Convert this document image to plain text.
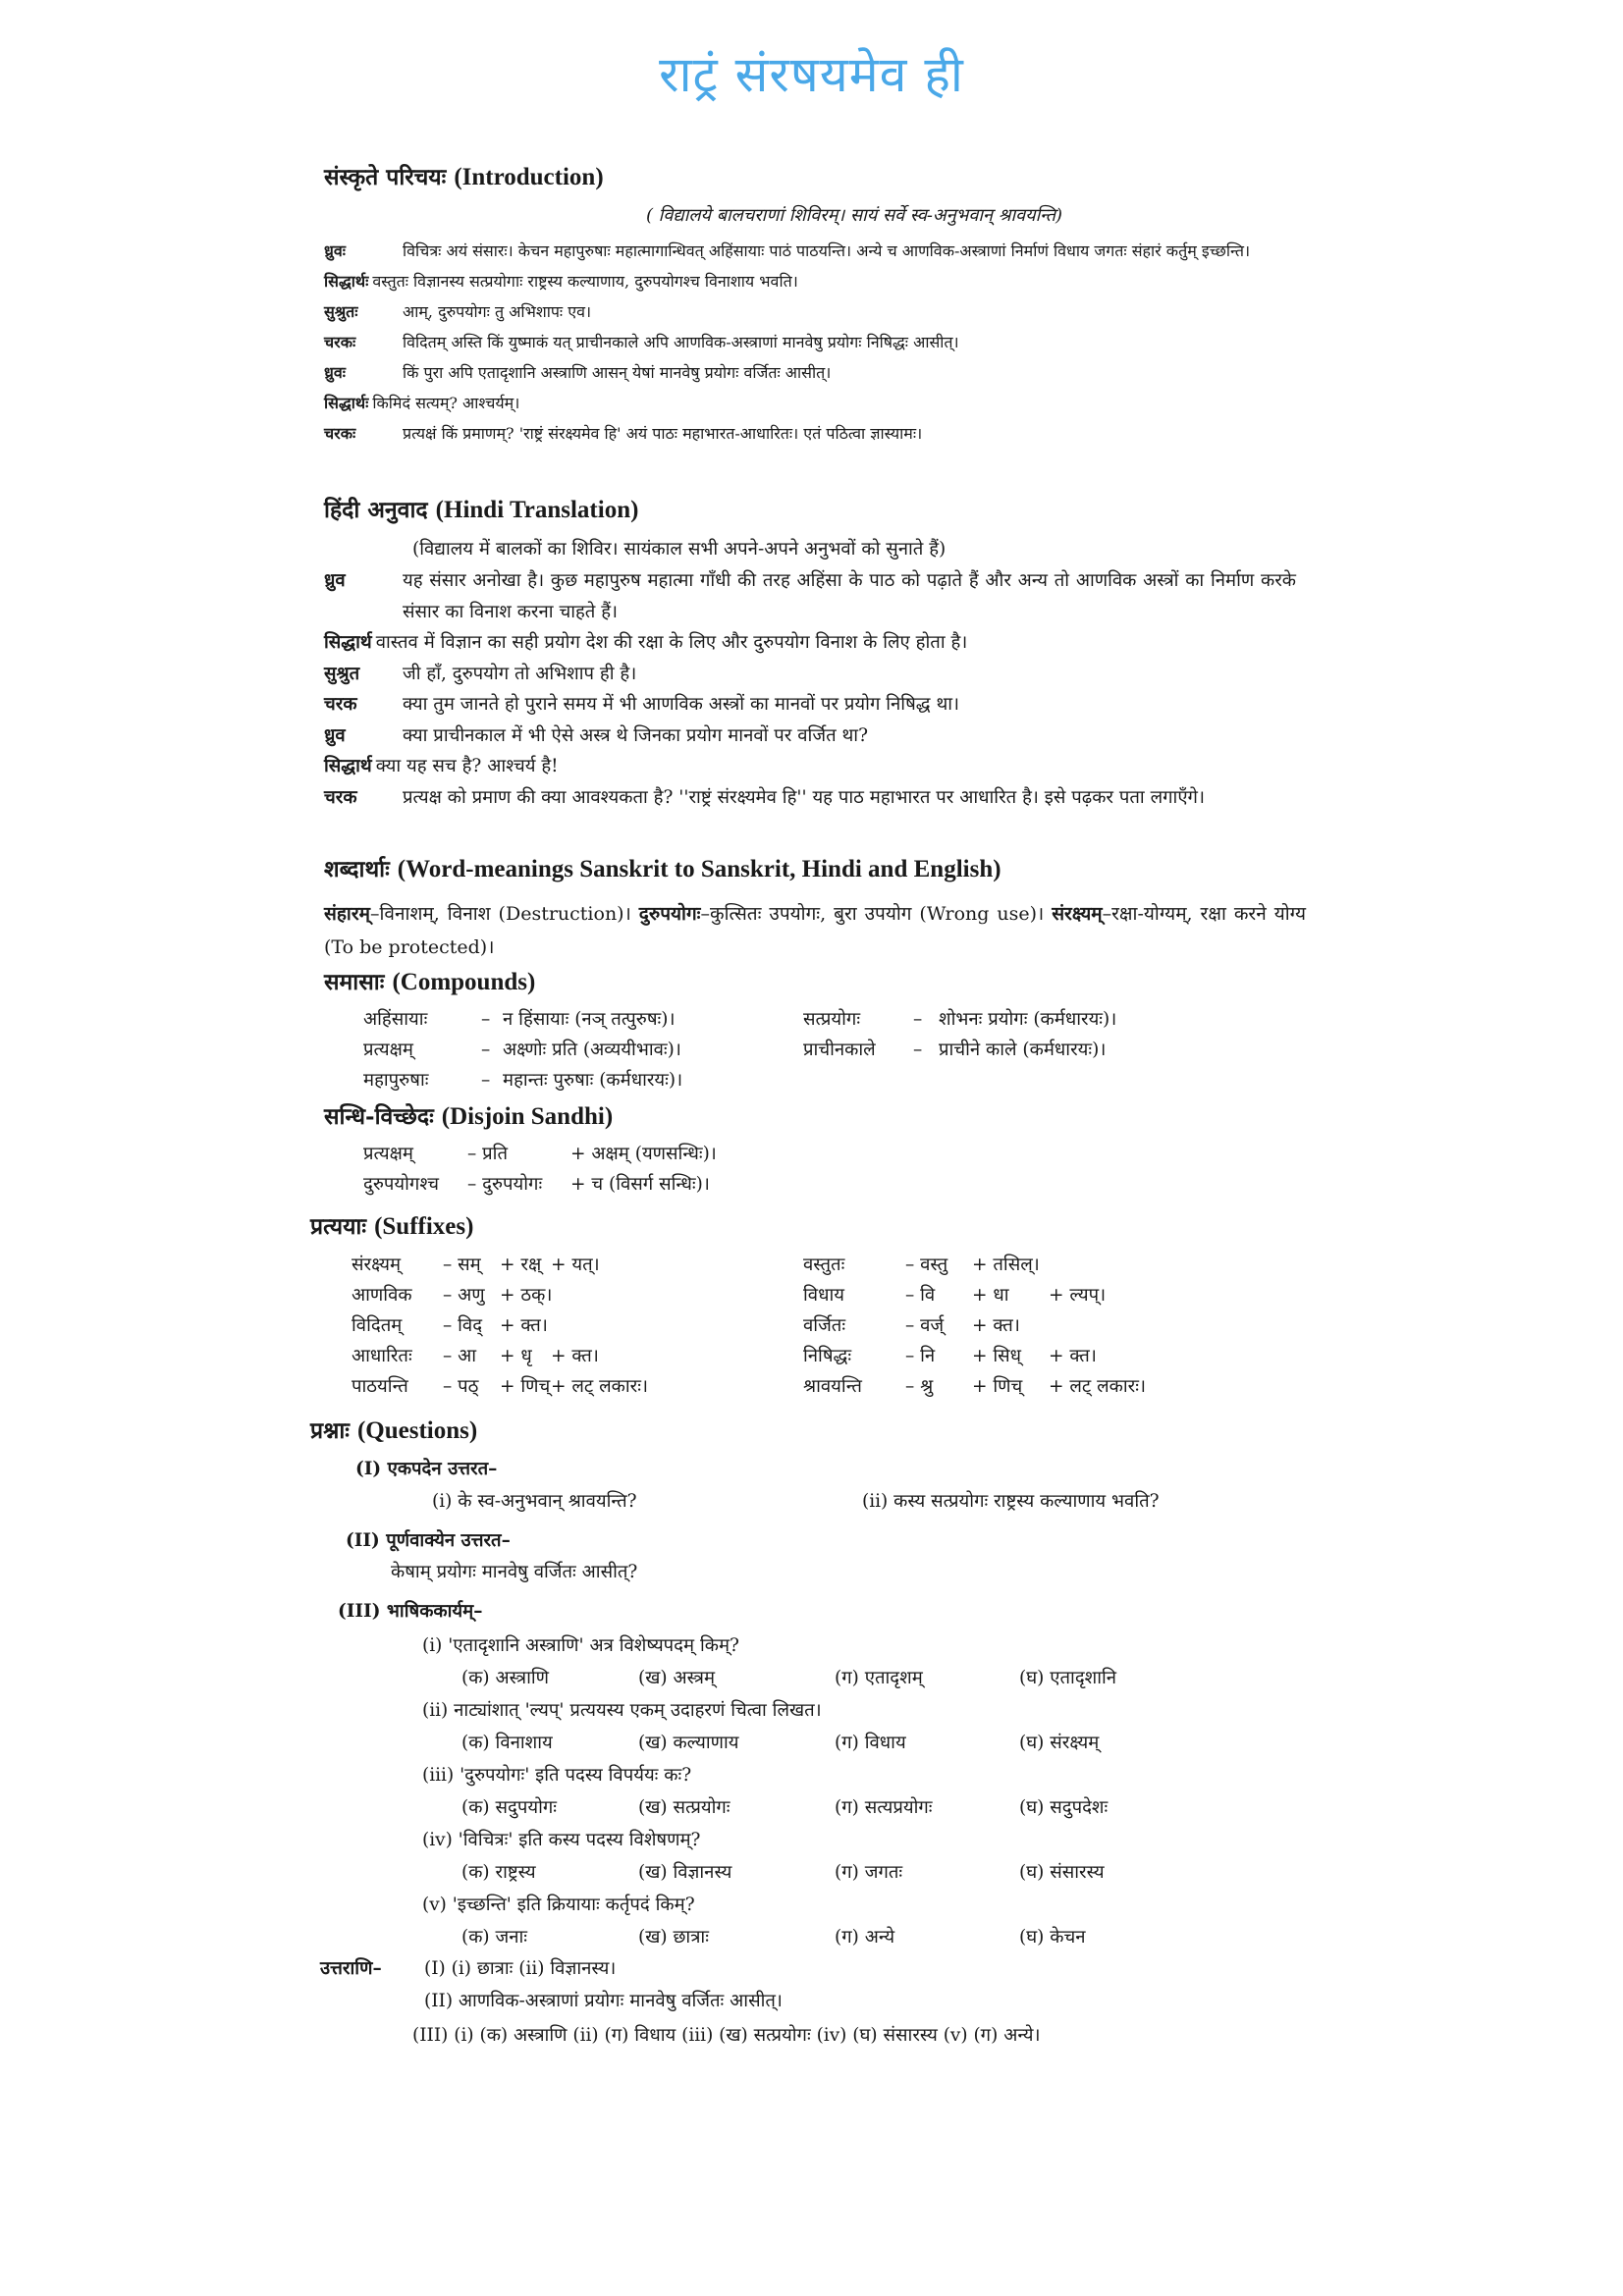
राट्रं संरषयमेव ही
संस्कृते परिचयः (Introduction)
( विद्यालये बालचराणां शिविरम्। सायं सर्वे स्व-अनुभवान् श्रावयन्ति)
ध्रुवः	विचित्रः अयं संसारः। केचन महापुरुषाः महात्मागान्धिवत् अहिंसायाः पाठं पाठयन्ति। अन्ये च आणविक-अस्त्राणां निर्माणं विधाय जगतः संहारं कर्तुम् इच्छन्ति।
सिद्धार्थः वस्तुतः विज्ञानस्य सत्प्रयोगाः राष्ट्रस्य कल्याणाय, दुरुपयोगश्च विनाशाय भवति।
सुश्रुतः	आम्, दुरुपयोगः तु अभिशापः एव।
चरकः	विदितम् अस्ति किं युष्माकं यत् प्राचीनकाले अपि आणविक-अस्त्राणां मानवेषु प्रयोगः निषिद्धः आसीत्।
ध्रुवः	किं पुरा अपि एतादृशानि अस्त्राणि आसन् येषां मानवेषु प्रयोगः वर्जितः आसीत्।
सिद्धार्थः किमिदं सत्यम्? आश्चर्यम्।
चरकः	प्रत्यक्षं किं प्रमाणम्? 'राष्ट्रं संरक्ष्यमेव हि' अयं पाठः महाभारत-आधारितः। एतं पठित्वा ज्ञास्यामः।
हिंदी अनुवाद (Hindi Translation)
(विद्यालय में बालकों का शिविर। सायंकाल सभी अपने-अपने अनुभवों को सुनाते हैं)
ध्रुव	यह संसार अनोखा है। कुछ महापुरुष महात्मा गाँधी की तरह अहिंसा के पाठ को पढ़ाते हैं और अन्य तो आणविक अस्त्रों का निर्माण करके संसार का विनाश करना चाहते हैं।
सिद्धार्थ वास्तव में विज्ञान का सही प्रयोग देश की रक्षा के लिए और दुरुपयोग विनाश के लिए होता है।
सुश्रुत	जी हाँ, दुरुपयोग तो अभिशाप ही है।
चरक	क्या तुम जानते हो पुराने समय में भी आणविक अस्त्रों का मानवों पर प्रयोग निषिद्ध था।
ध्रुव	क्या प्राचीनकाल में भी ऐसे अस्त्र थे जिनका प्रयोग मानवों पर वर्जित था?
सिद्धार्थ क्या यह सच है? आश्चर्य है!
चरक	प्रत्यक्ष को प्रमाण की क्या आवश्यकता है? ''राष्ट्रं संरक्ष्यमेव हि'' यह पाठ महाभारत पर आधारित है। इसे पढ़कर पता लगाएँगे।
शब्दार्थाः (Word-meanings Sanskrit to Sanskrit, Hindi and English)
संहारम्–विनाशम्, विनाश (Destruction)। दुरुपयोगः–कुत्सितः उपयोगः, बुरा उपयोग (Wrong use)। संरक्ष्यम्–रक्षा-योग्यम्, रक्षा करने योग्य (To be protected)।
समासाः (Compounds)
अहिंसायाः	– न हिंसायाः (नञ् तत्पुरुषः)।
प्रत्यक्षम्	– अक्ष्णोः प्रति (अव्ययीभावः)।
महापुरुषाः	– महान्तः पुरुषाः (कर्मधारयः)।
सत्प्रयोगः	– शोभनः प्रयोगः (कर्मधारयः)।
प्राचीनकाले	– प्राचीने काले (कर्मधारयः)।
सन्धि-विच्छेदः (Disjoin Sandhi)
प्रत्यक्षम्	– प्रति	+ अक्षम् (यणसन्धिः)।
दुरुपयोगश्च	– दुरुपयोगः	+ च (विसर्ग सन्धिः)।
प्रत्ययाः (Suffixes)
संरक्ष्यम्	– सम्	+ रक्ष् + यत्।
आणविक	– अणु + ठक्।
विदितम्	– विद् + क्त।
आधारितः	– आ	+ धृ	+ क्त।
पाठयन्ति	– पठ्	+ णिच् + लट् लकारः।
वस्तुतः	– वस्तु	+ तसिल्।
विधाय	– वि	+ धा	+ ल्यप्।
वर्जितः	– वर्ज्	+ क्त।
निषिद्धः	– नि	+ सिध्	+ क्त।
श्रावयन्ति	– श्रु	+ णिच्	+ लट् लकारः।
प्रश्नाः (Questions)
(I) एकपदेन उत्तरत–
(i) के स्व-अनुभवान् श्रावयन्ति?	(ii) कस्य सत्प्रयोगः राष्ट्रस्य कल्याणाय भवति?
(II) पूर्णवाक्येन उत्तरत–
केषाम् प्रयोगः मानवेषु वर्जितः आसीत्?
(III) भाषिककार्यम्–
(i) 'एतादृशानि अस्त्राणि' अत्र विशेष्यपदम् किम्?
(क) अस्त्राणि	(ख) अस्त्रम्	(ग) एतादृशम्	(घ) एतादृशानि
(ii) नाट्यांशात् 'ल्यप्' प्रत्ययस्य एकम् उदाहरणं चित्वा लिखत।
(क) विनाशाय	(ख) कल्याणाय	(ग) विधाय	(घ) संरक्ष्यम्
(iii) 'दुरुपयोगः' इति पदस्य विपर्ययः कः?
(क) सदुपयोगः	(ख) सत्प्रयोगः	(ग) सत्यप्रयोगः	(घ) सदुपदेशः
(iv) 'विचित्रः' इति कस्य पदस्य विशेषणम्?
(क) राष्ट्रस्य	(ख) विज्ञानस्य	(ग) जगतः	(घ) संसारस्य
(v) 'इच्छन्ति' इति क्रियायाः कर्तृपदं किम्?
(क) जनाः	(ख) छात्राः	(ग) अन्ये	(घ) केचन
उत्तराणि– (I) (i) छात्राः (ii) विज्ञानस्य।
(II) आणविक-अस्त्राणां प्रयोगः मानवेषु वर्जितः आसीत्।
(III) (i) (क) अस्त्राणि (ii) (ग) विधाय (iii) (ख) सत्प्रयोगः (iv) (घ) संसारस्य (v) (ग) अन्ये।
